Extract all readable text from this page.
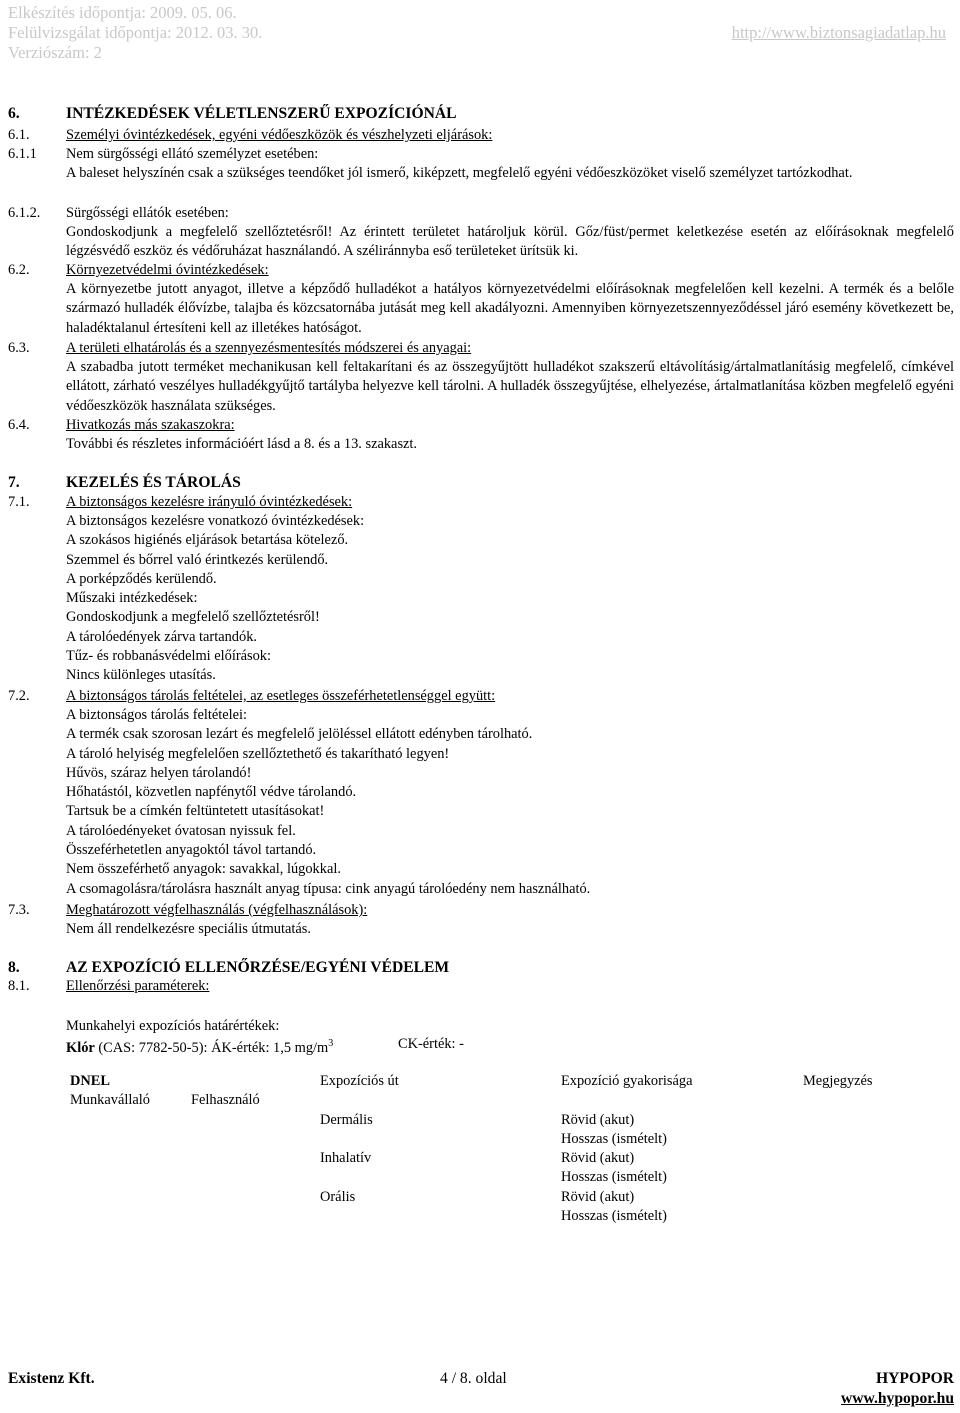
Elkészítés időpontja: 2009. 05. 06.
Felülvizsgálat időpontja: 2012. 03. 30.
Verziószám: 2
http://www.biztonsagiadatlap.hu
6.	INTÉZKEDÉSEK VÉLETLENSZERŰ EXPOZÍCIÓNÁL
6.1.	Személyi óvintézkedések, egyéni védőeszközök és vészhelyzeti eljárások:
6.1.1 Nem sürgősségi ellátó személyzet esetében:
A baleset helyszínén csak a szükséges teendőket jól ismerő, kiképzett, megfelelő egyéni védőeszközöket viselő személyzet tartózkodhat.
6.1.2. Sürgősségi ellátók esetében:
Gondoskodjunk a megfelelő szellőztetésről! Az érintett területet határoljuk körül. Gőz/füst/permet keletkezése esetén az előírásoknak megfelelő légzésvédő eszköz és védőruházat használandó. A széliránnyba eső területeket ürítsük ki.
6.2.	Környezetvédelmi óvintézkedések:
A környezetbe jutott anyagot, illetve a képződő hulladékot a hatályos környezetvédelmi előírásoknak megfelelően kell kezelni. A termék és a belőle származó hulladék élővízbe, talajba és közcsatornába jutását meg kell akadályozni. Amennyiben környezetszennyeződéssel járó esemény következett be, haladéktalanul értesíteni kell az illetékes hatóságot.
6.3.	A területi elhatárolás és a szennyezésmentesítés módszerei és anyagai:
A szabadba jutott terméket mechanikusan kell feltakarítani és az összegyűjtött hulladékot szakszerű eltávolításig/ártalmatlanításig megfelelő, címkével ellátott, zárható veszélyes hulladékgyűjtő tartályba helyezve kell tárolni. A hulladék összegyűjtése, elhelyezése, ártalmatlanítása közben megfelelő egyéni védőeszközök használata szükséges.
6.4.	Hivatkozás más szakaszokra:
További és részletes információért lásd a 8. és a 13. szakaszt.
7.	KEZELÉS ÉS TÁROLÁS
7.1.	A biztonságos kezelésre irányuló óvintézkedések:
A biztonságos kezelésre vonatkozó óvintézkedések:
A szokásos higiénés eljárások betartása kötelező.
Szemmel és bőrrel való érintkezés kerülendő.
A porképződés kerülendő.
Műszaki intézkedések:
Gondoskodjunk a megfelelő szellőztetésről!
A tárolóedények zárva tartandók.
Tűz- és robbanásvédelmi előírások:
Nincs különleges utasítás.
7.2.	A biztonságos tárolás feltételei, az esetleges összeférhetetlenséggel együtt:
A biztonságos tárolás feltételei:
A termék csak szorosan lezárt és megfelelő jelöléssel ellátott edényben tárolható.
A tároló helyiség megfelelően szellőztethető és takarítható legyen!
Hűvös, száraz helyen tárolandó!
Hőhatástól, közvetlen napfénytől védve tárolandó.
Tartsuk be a címkén feltüntetett utasításokat!
A tárolóedényeket óvatosan nyissuk fel.
Összeférhetetlen anyagoktól távol tartandó.
Nem összeférhető anyagok: savakkal, lúgokkal.
A csomagolásra/tárolásra használt anyag típusa: cink anyagú tárolóedény nem használható.
7.3.	Meghatározott végfelhasználás (végfelhasználások):
Nem áll rendelkezésre speciális útmutatás.
8.	AZ EXPOZÍCIÓ ELLENŐRZÉSE/EGYÉNI VÉDELEM
8.1.	Ellenőrzési paraméterek:
Munkahelyi expozíciós határértékek:
Klór (CAS: 7782-50-5): ÁK-érték: 1,5 $mg/m^3$	CK-érték: -
DNEL		Expozíciós út	Expozíció gyakorisága	Megjegyzés
Munkavállaló	Felhasználó			
		Dermális	Rövid (akut)
Hosszas (ismételt)	

		Inhalatív	Rövid (akut)
Hosszas (ismételt)	

		Orális	Rövid (akut)
Hosszas (ismételt)	

Existenz Kft.	4 / 8. oldal	HYPOPOR
www.hypopor.hu
